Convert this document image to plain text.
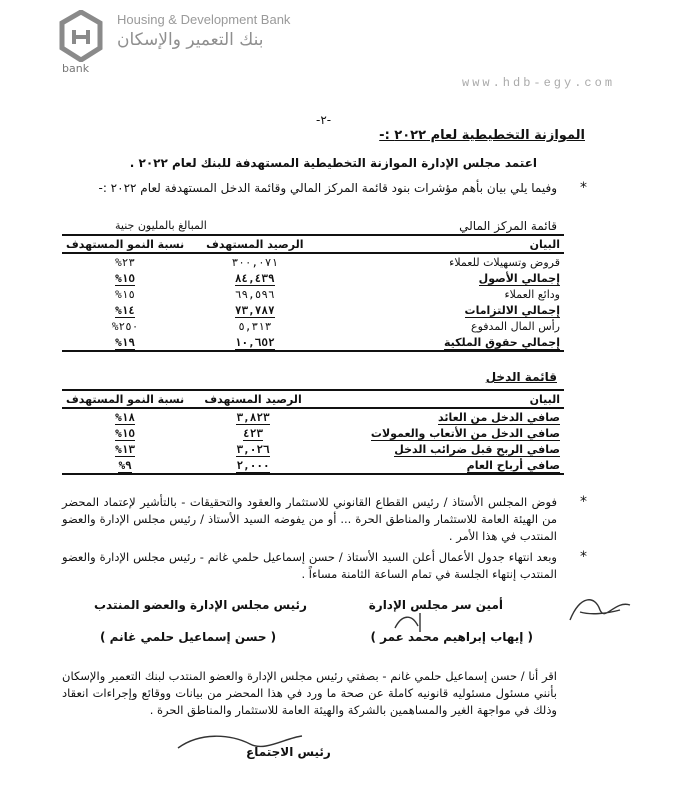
bank
Housing & Development Bank
بنك التعمير والإسكان
www.hdb-egy.com
-٢-
الموازنة التخطيطية لعام ٢٠٢٢ :-
اعتمد مجلس الإدارة الموازنة التخطيطية المستهدفة للبنك لعام ٢٠٢٢ .
*
وفيما يلي بيان بأهم مؤشرات بنود قائمة المركز المالي وقائمة الدخل المستهدفة لعام ٢٠٢٢ :-
قائمة المركز المالي
المبالغ بالمليون جنية
البيان	الرصيد المستهدف	نسبة النمو المستهدف
قروض وتسهيلات للعملاء	٣٠٠,٠٧١	٢٣%
إجمالي الأصول	٨٤,٤٣٩	١٥%
ودائع العملاء	٦٩,٥٩٦	١٥%
إجمالي الالتزامات	٧٣,٧٨٧	١٤%
رأس المال المدفوع	٥,٣١٣	٢٥٠%
إجمالي حقوق الملكية	١٠,٦٥٢	١٩%
قائمة الدخل
البيان	الرصيد المستهدف	نسبة النمو المستهدف
صافي الدخل من العائد	٣,٨٢٣	١٨%
صافي الدخل من الأتعاب والعمولات	٤٢٣	١٥%
صافي الربح قبل ضرائب الدخل	٣,٠٢٦	١٣%
صافي أرباح العام	٢,٠٠٠	٩%
*
فوض المجلس الأستاذ / رئيس القطاع القانوني للاستثمار والعقود والتحقيقات - بالتأشير لإعتماد المحضر من الهيئة العامة للاستثمار والمناطق الحرة ... أو من يفوضه السيد الأستاذ / رئيس مجلس الإدارة والعضو المنتدب في هذا الأمر .
*
وبعد انتهاء جدول الأعمال أعلن السيد الأستاذ / حسن إسماعيل حلمي غانم - رئيس مجلس الإدارة والعضو المنتدب إنتهاء الجلسة في تمام الساعة الثامنة مساءاً .
رئيس مجلس الإدارة والعضو المنتدب
( حسن إسماعيل حلمي غانم )
أمين سر مجلس الإدارة
( إيهاب إبراهيم محمد عمر )
اقر أنا / حسن إسماعيل حلمي غانم - بصفتي رئيس مجلس الإدارة والعضو المنتدب لبنك التعمير والإسكان بأنني مسئول مسئوليه قانونيه كاملة عن صحة ما ورد في هذا المحضر من بيانات ووقائع وإجراءات انعقاد وذلك في مواجهة الغير والمساهمين بالشركة والهيئة العامة للاستثمار والمناطق الحرة .
رئيس الاجتماع
